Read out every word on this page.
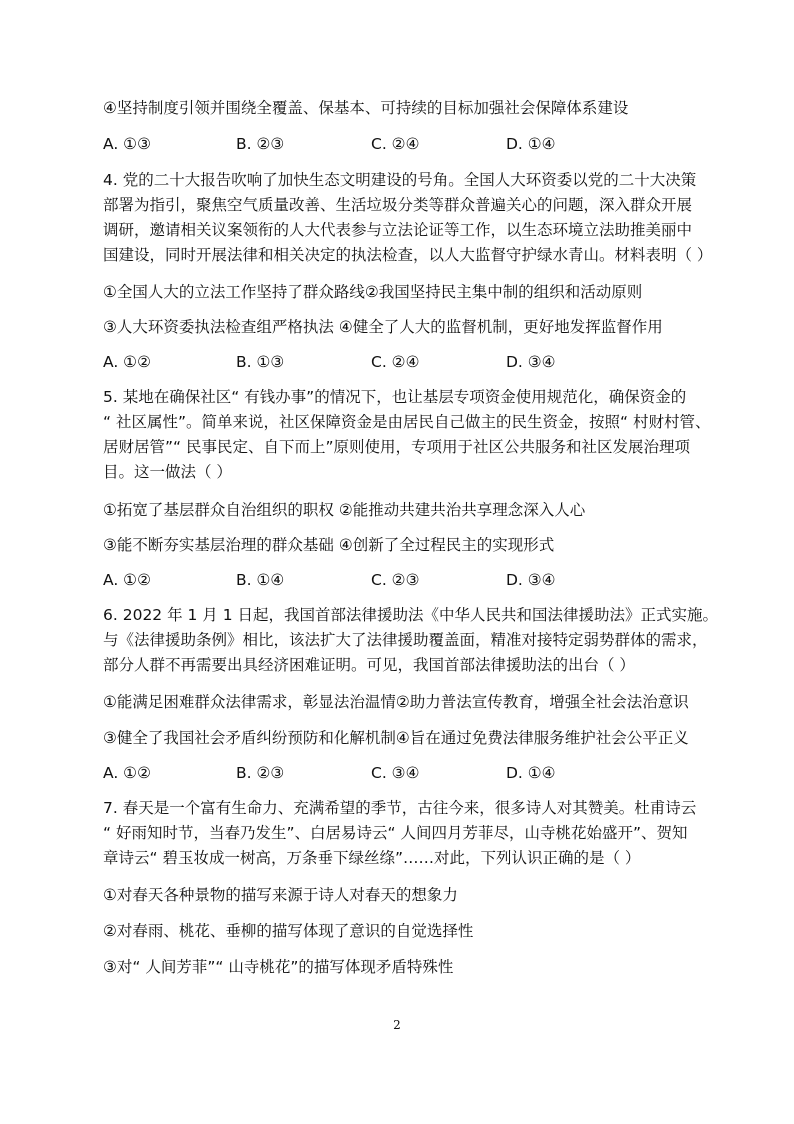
④坚持制度引领并围绕全覆盖、保基本、可持续的目标加强社会保障体系建设
A. ①③	B. ②③	C. ②④	D. ①④
4. 党的二十大报告吹响了加快生态文明建设的号角。全国人大环资委以党的二十大决策
部署为指引，聚焦空气质量改善、生活垃圾分类等群众普遍关心的问题，深入群众开展
调研，邀请相关议案领衔的人大代表参与立法论证等工作，以生态环境立法助推美丽中
国建设，同时开展法律和相关决定的执法检查，以人大监督守护绿水青山。材料表明（ ）
①全国人大的立法工作坚持了群众路线②我国坚持民主集中制的组织和活动原则
③人大环资委执法检查组严格执法 ④健全了人大的监督机制，更好地发挥监督作用
A. ①②	B. ①③	C. ②④	D. ③④
5. 某地在确保社区“ 有钱办事”的情况下，也让基层专项资金使用规范化，确保资金的
“ 社区属性”。简单来说，社区保障资金是由居民自己做主的民生资金，按照“ 村财村管、
居财居管”“ 民事民定、自下而上”原则使用，专项用于社区公共服务和社区发展治理项
目。这一做法（ ）
①拓宽了基层群众自治组织的职权 ②能推动共建共治共享理念深入人心
③能不断夯实基层治理的群众基础 ④创新了全过程民主的实现形式
A. ①②	B. ①④	C. ②③	D. ③④
6. 2022 年 1 月 1 日起，我国首部法律援助法《中华人民共和国法律援助法》正式实施。
与《法律援助条例》相比，该法扩大了法律援助覆盖面，精准对接特定弱势群体的需求，
部分人群不再需要出具经济困难证明。可见，我国首部法律援助法的出台（ ）
①能满足困难群众法律需求，彰显法治温情②助力普法宣传教育，增强全社会法治意识
③健全了我国社会矛盾纠纷预防和化解机制④旨在通过免费法律服务维护社会公平正义
A. ①②	B. ②③	C. ③④	D. ①④
7. 春天是一个富有生命力、充满希望的季节，古往今来，很多诗人对其赞美。杜甫诗云
“ 好雨知时节，当春乃发生”、白居易诗云“ 人间四月芳菲尽，山寺桃花始盛开”、贺知
章诗云“ 碧玉妆成一树高，万条垂下绿丝绦”……对此，下列认识正确的是（ ）
①对春天各种景物的描写来源于诗人对春天的想象力
②对春雨、桃花、垂柳的描写体现了意识的自觉选择性
③对“ 人间芳菲”“ 山寺桃花”的描写体现矛盾特殊性
2
